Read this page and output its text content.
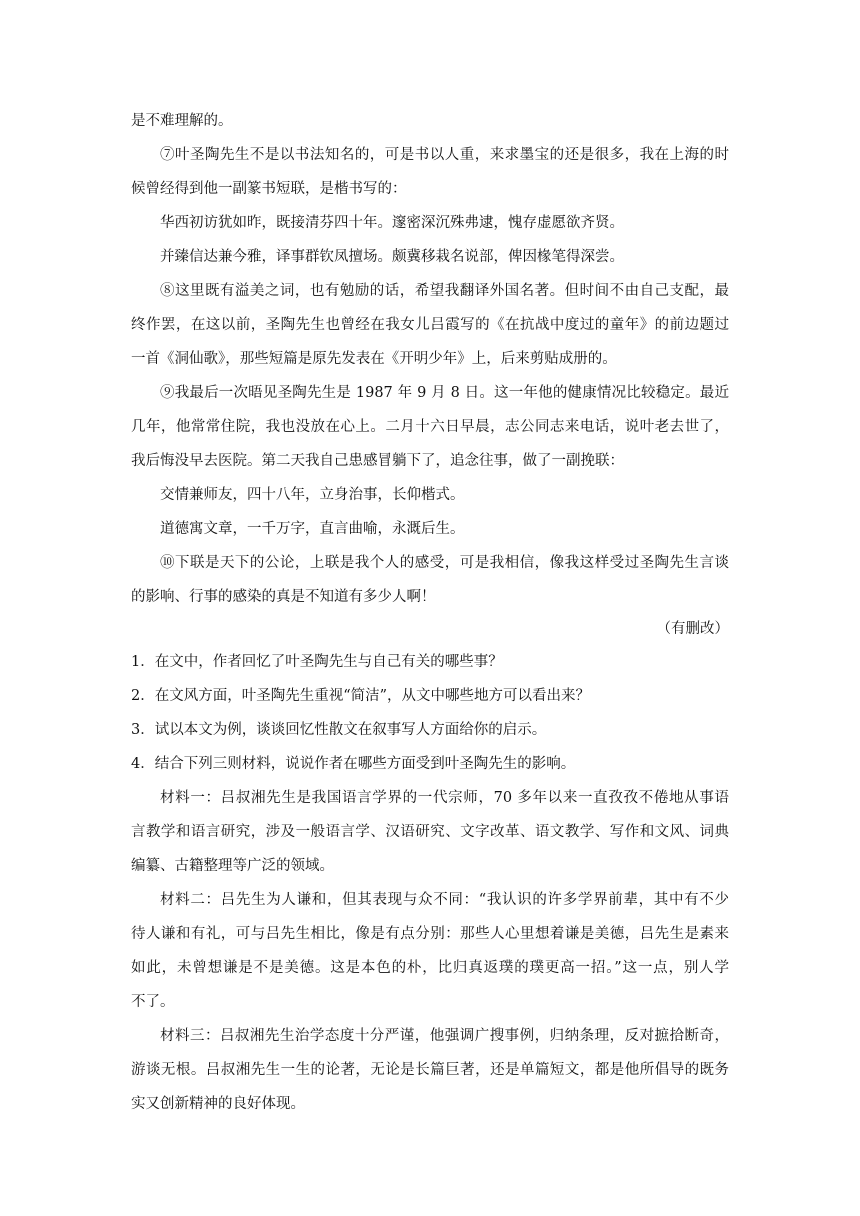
是不难理解的。
⑦叶圣陶先生不是以书法知名的，可是书以人重，来求墨宝的还是很多，我在上海的时
候曾经得到他一副篆书短联，是楷书写的：
华西初访犹如昨，既接清芬四十年。邃密深沉殊弗逮，愧存虚愿欲齐贤。
并臻信达兼今雅，译事群钦凤擅场。颇冀移栽名说部，俾因椽笔得深尝。
⑧这里既有溢美之词，也有勉励的话，希望我翻译外国名著。但时间不由自己支配，最
终作罢，在这以前，圣陶先生也曾经在我女儿吕霞写的《在抗战中度过的童年》的前边题过
一首《洞仙歌》，那些短篇是原先发表在《开明少年》上，后来剪贴成册的。
⑨我最后一次晤见圣陶先生是 1987 年 9 月 8 日。这一年他的健康情况比较稳定。最近
几年，他常常住院，我也没放在心上。二月十六日早晨，志公同志来电话，说叶老去世了，
我后悔没早去医院。第二天我自己患感冒躺下了，追念往事，做了一副挽联：
交情兼师友，四十八年，立身治事，长仰楷式。
道德寓文章，一千万字，直言曲喻，永溉后生。
⑩下联是天下的公论，上联是我个人的感受，可是我相信，像我这样受过圣陶先生言谈
的影响、行事的感染的真是不知道有多少人啊！
（有删改）
1．在文中，作者回忆了叶圣陶先生与自己有关的哪些事？
2．在文风方面，叶圣陶先生重视“简洁”，从文中哪些地方可以看出来？
3．试以本文为例，谈谈回忆性散文在叙事写人方面给你的启示。
4．结合下列三则材料，说说作者在哪些方面受到叶圣陶先生的影响。
材料一：吕叔湘先生是我国语言学界的一代宗师，70 多年以来一直孜孜不倦地从事语
言教学和语言研究，涉及一般语言学、汉语研究、文字改革、语文教学、写作和文风、词典
编纂、古籍整理等广泛的领域。
材料二：吕先生为人谦和，但其表现与众不同：“我认识的许多学界前辈，其中有不少
待人谦和有礼，可与吕先生相比，像是有点分别：那些人心里想着谦是美德，吕先生是素来
如此，未曾想谦是不是美德。这是本色的朴，比归真返璞的璞更高一招。”这一点，别人学
不了。
材料三：吕叔湘先生治学态度十分严谨，他强调广搜事例，归纳条理，反对摭拾断奇，
游谈无根。吕叔湘先生一生的论著，无论是长篇巨著，还是单篇短文，都是他所倡导的既务
实又创新精神的良好体现。
